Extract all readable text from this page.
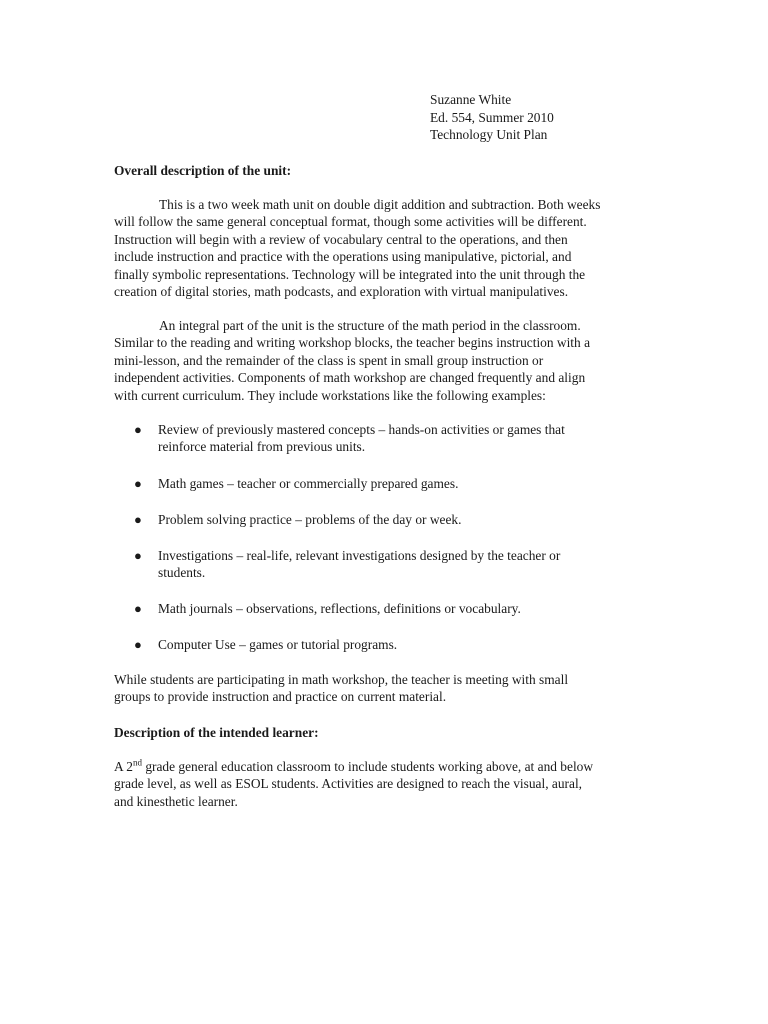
Suzanne White
Ed. 554, Summer 2010
Technology Unit Plan
Overall description of the unit:
This is a two week math unit on double digit addition and subtraction. Both weeks
will follow the same general conceptual format, though some activities will be different.
Instruction will begin with a review of vocabulary central to the operations, and then
include instruction and practice with the operations using manipulative, pictorial, and
finally symbolic representations. Technology will be integrated into the unit through the
creation of digital stories, math podcasts, and exploration with virtual manipulatives.
An integral part of the unit is the structure of the math period in the classroom.
Similar to the reading and writing workshop blocks, the teacher begins instruction with a
mini-lesson, and the remainder of the class is spent in small group instruction or
independent activities. Components of math workshop are changed frequently and align
with current curriculum. They include workstations like the following examples:
● Review of previously mastered concepts – hands-on activities or games that
reinforce material from previous units.
● Math games – teacher or commercially prepared games.
● Problem solving practice – problems of the day or week.
● Investigations – real-life, relevant investigations designed by the teacher or
students.
● Math journals – observations, reflections, definitions or vocabulary.
● Computer Use – games or tutorial programs.
While students are participating in math workshop, the teacher is meeting with small
groups to provide instruction and practice on current material.
Description of the intended learner:
A 2nd grade general education classroom to include students working above, at and below
grade level, as well as ESOL students. Activities are designed to reach the visual, aural,
and kinesthetic learner.
